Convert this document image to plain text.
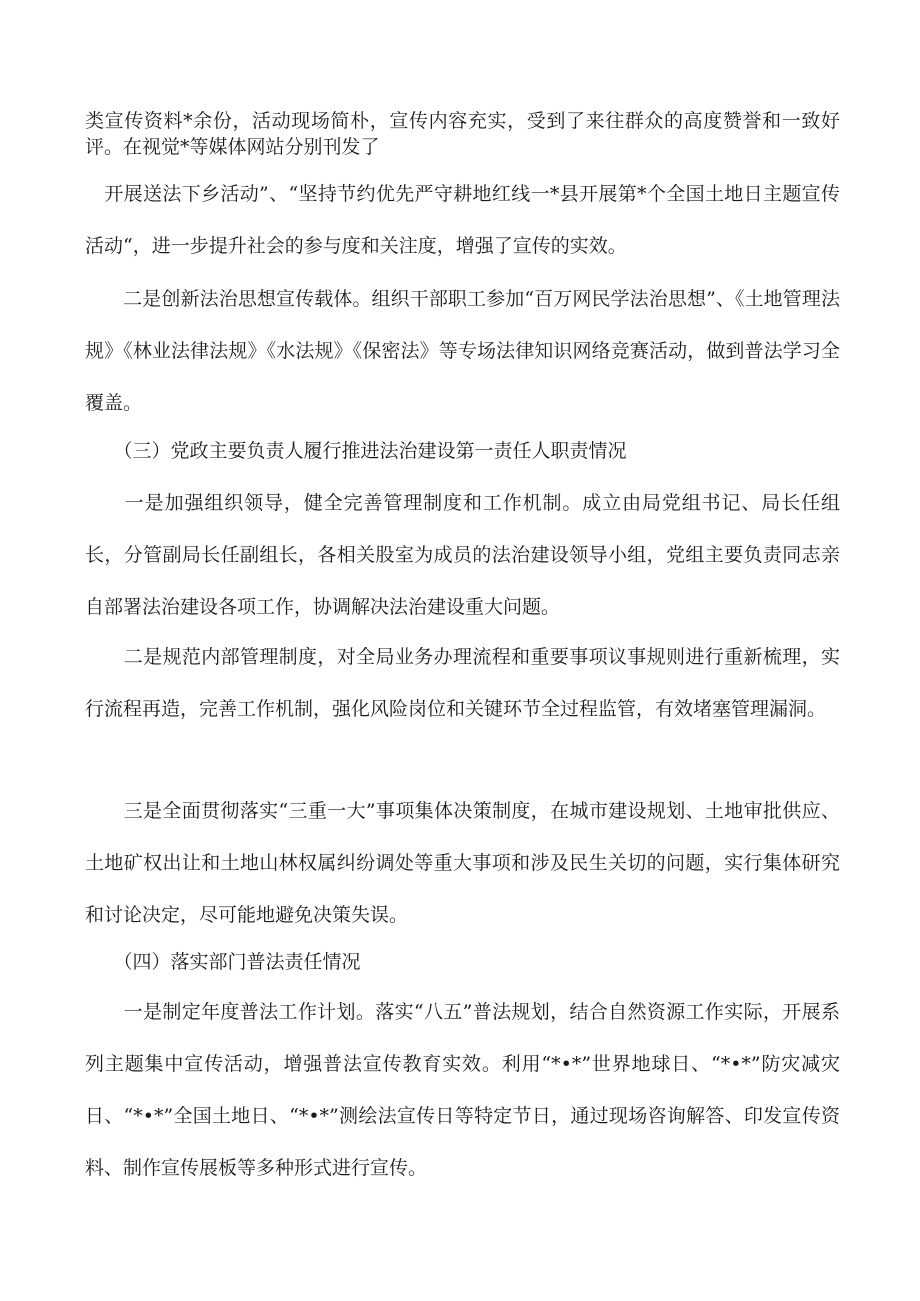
类宣传资料*余份，活动现场简朴，宣传内容充实，受到了来往群众的高度赞誉和一致好评。在视觉*等媒体网站分别刊发了

　开展送法下乡活动”、“坚持节约优先严守耕地红线一*县开展第*个全国土地日主题宣传活动“，进一步提升社会的参与度和关注度，增强了宣传的实效。

　　二是创新法治思想宣传载体。组织干部职工参加“百万网民学法治思想”、《土地管理法规》《林业法律法规》《水法规》《保密法》等专场法律知识网络竞赛活动，做到普法学习全覆盖。

　　（三）党政主要负责人履行推进法治建设第一责任人职责情况

　　一是加强组织领导，健全完善管理制度和工作机制。成立由局党组书记、局长任组长，分管副局长任副组长，各相关股室为成员的法治建设领导小组，党组主要负责同志亲自部署法治建设各项工作，协调解决法治建设重大问题。

　　二是规范内部管理制度，对全局业务办理流程和重要事项议事规则进行重新梳理，实行流程再造，完善工作机制，强化风险岗位和关键环节全过程监管，有效堵塞管理漏洞。

　　三是全面贯彻落实“三重一大”事项集体决策制度，在城市建设规划、土地审批供应、土地矿权出让和土地山林权属纠纷调处等重大事项和涉及民生关切的问题，实行集体研究和讨论决定，尽可能地避免决策失误。

　　（四）落实部门普法责任情况

　　一是制定年度普法工作计划。落实“八五”普法规划，结合自然资源工作实际，开展系列主题集中宣传活动，增强普法宣传教育实效。利用“*•*”世界地球日、“*•*”防灾减灾日、“*•*”全国土地日、“*•*”测绘法宣传日等特定节日，通过现场咨询解答、印发宣传资料、制作宣传展板等多种形式进行宣传。
